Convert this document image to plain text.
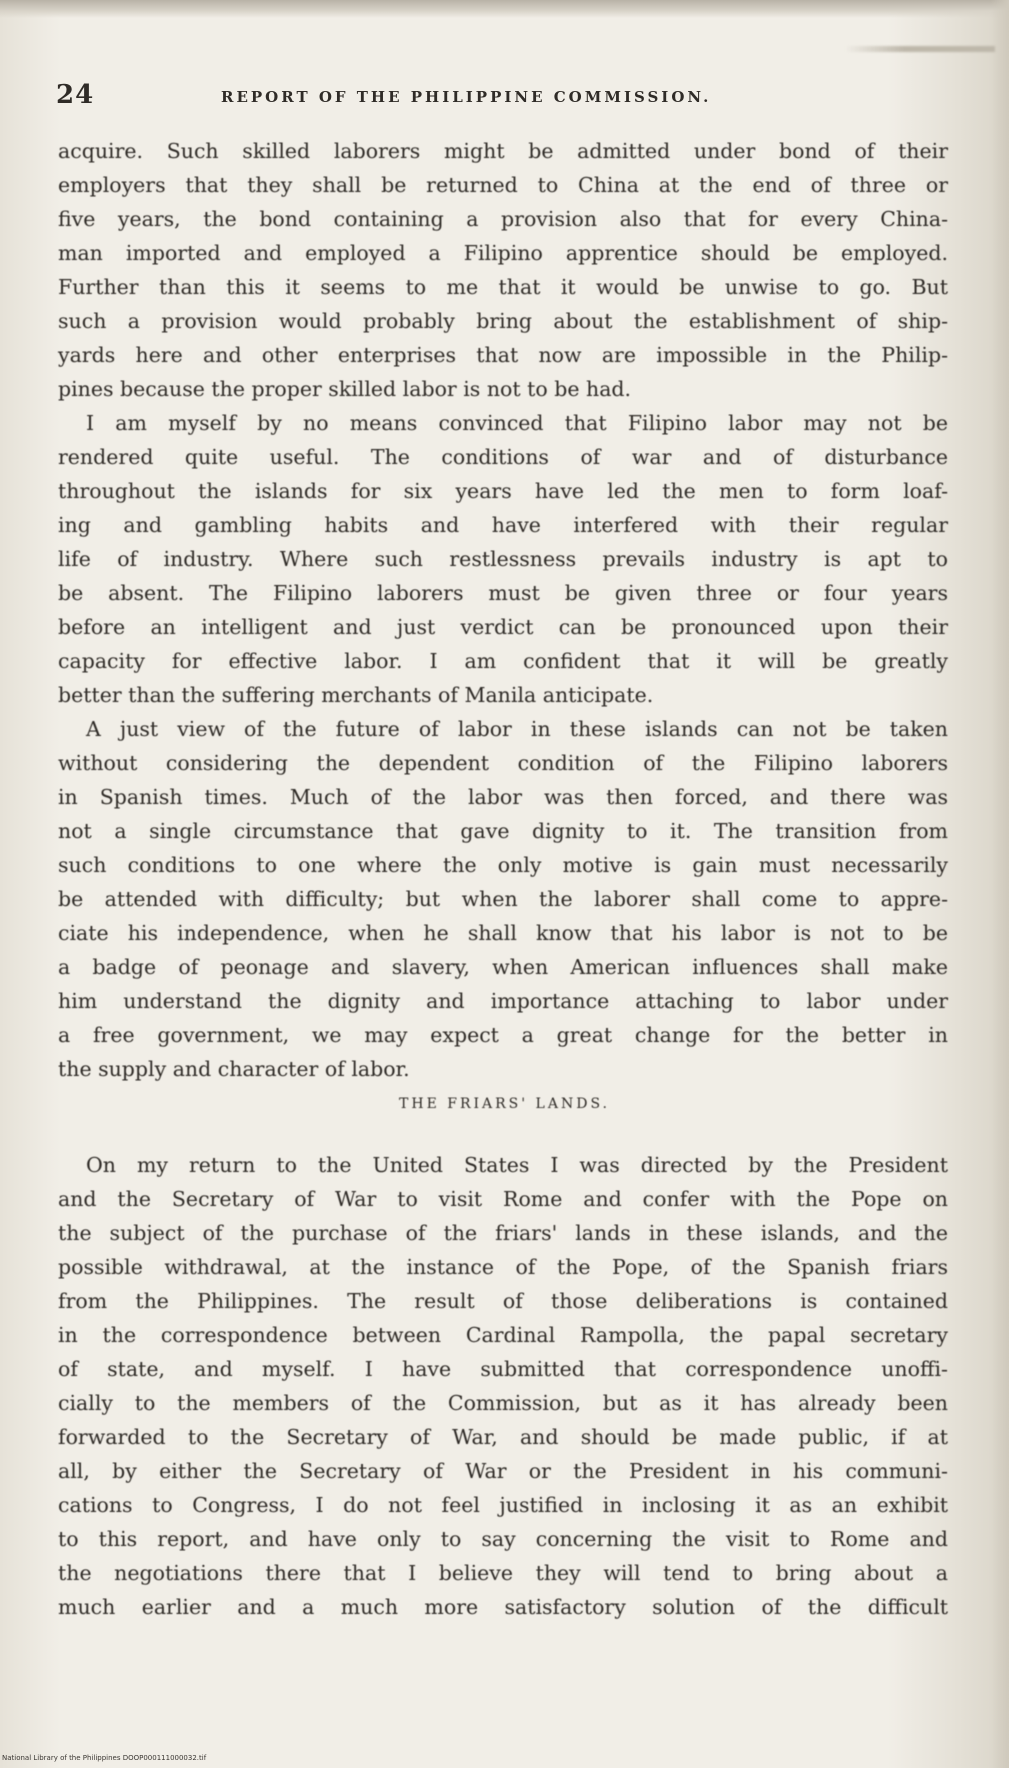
24	REPORT OF THE PHILIPPINE COMMISSION.
acquire. Such skilled laborers might be admitted under bond of their
employers that they shall be returned to China at the end of three or
five years, the bond containing a provision also that for every China-
man imported and employed a Filipino apprentice should be employed.
Further than this it seems to me that it would be unwise to go. But
such a provision would probably bring about the establishment of ship-
yards here and other enterprises that now are impossible in the Philip-
pines because the proper skilled labor is not to be had.
I am myself by no means convinced that Filipino labor may not be
rendered quite useful. The conditions of war and of disturbance
throughout the islands for six years have led the men to form loaf-
ing and gambling habits and have interfered with their regular
life of industry. Where such restlessness prevails industry is apt to
be absent. The Filipino laborers must be given three or four years
before an intelligent and just verdict can be pronounced upon their
capacity for effective labor. I am confident that it will be greatly
better than the suffering merchants of Manila anticipate.
A just view of the future of labor in these islands can not be taken
without considering the dependent condition of the Filipino laborers
in Spanish times. Much of the labor was then forced, and there was
not a single circumstance that gave dignity to it. The transition from
such conditions to one where the only motive is gain must necessarily
be attended with difficulty; but when the laborer shall come to appre-
ciate his independence, when he shall know that his labor is not to be
a badge of peonage and slavery, when American influences shall make
him understand the dignity and importance attaching to labor under
a free government, we may expect a great change for the better in
the supply and character of labor.
THE FRIARS' LANDS.
On my return to the United States I was directed by the President
and the Secretary of War to visit Rome and confer with the Pope on
the subject of the purchase of the friars' lands in these islands, and the
possible withdrawal, at the instance of the Pope, of the Spanish friars
from the Philippines. The result of those deliberations is contained
in the correspondence between Cardinal Rampolla, the papal secretary
of state, and myself. I have submitted that correspondence unoffi-
cially to the members of the Commission, but as it has already been
forwarded to the Secretary of War, and should be made public, if at
all, by either the Secretary of War or the President in his communi-
cations to Congress, I do not feel justified in inclosing it as an exhibit
to this report, and have only to say concerning the visit to Rome and
the negotiations there that I believe they will tend to bring about a
much earlier and a much more satisfactory solution of the difficult
National Library of the Philippines DOOP000111000032.tif
